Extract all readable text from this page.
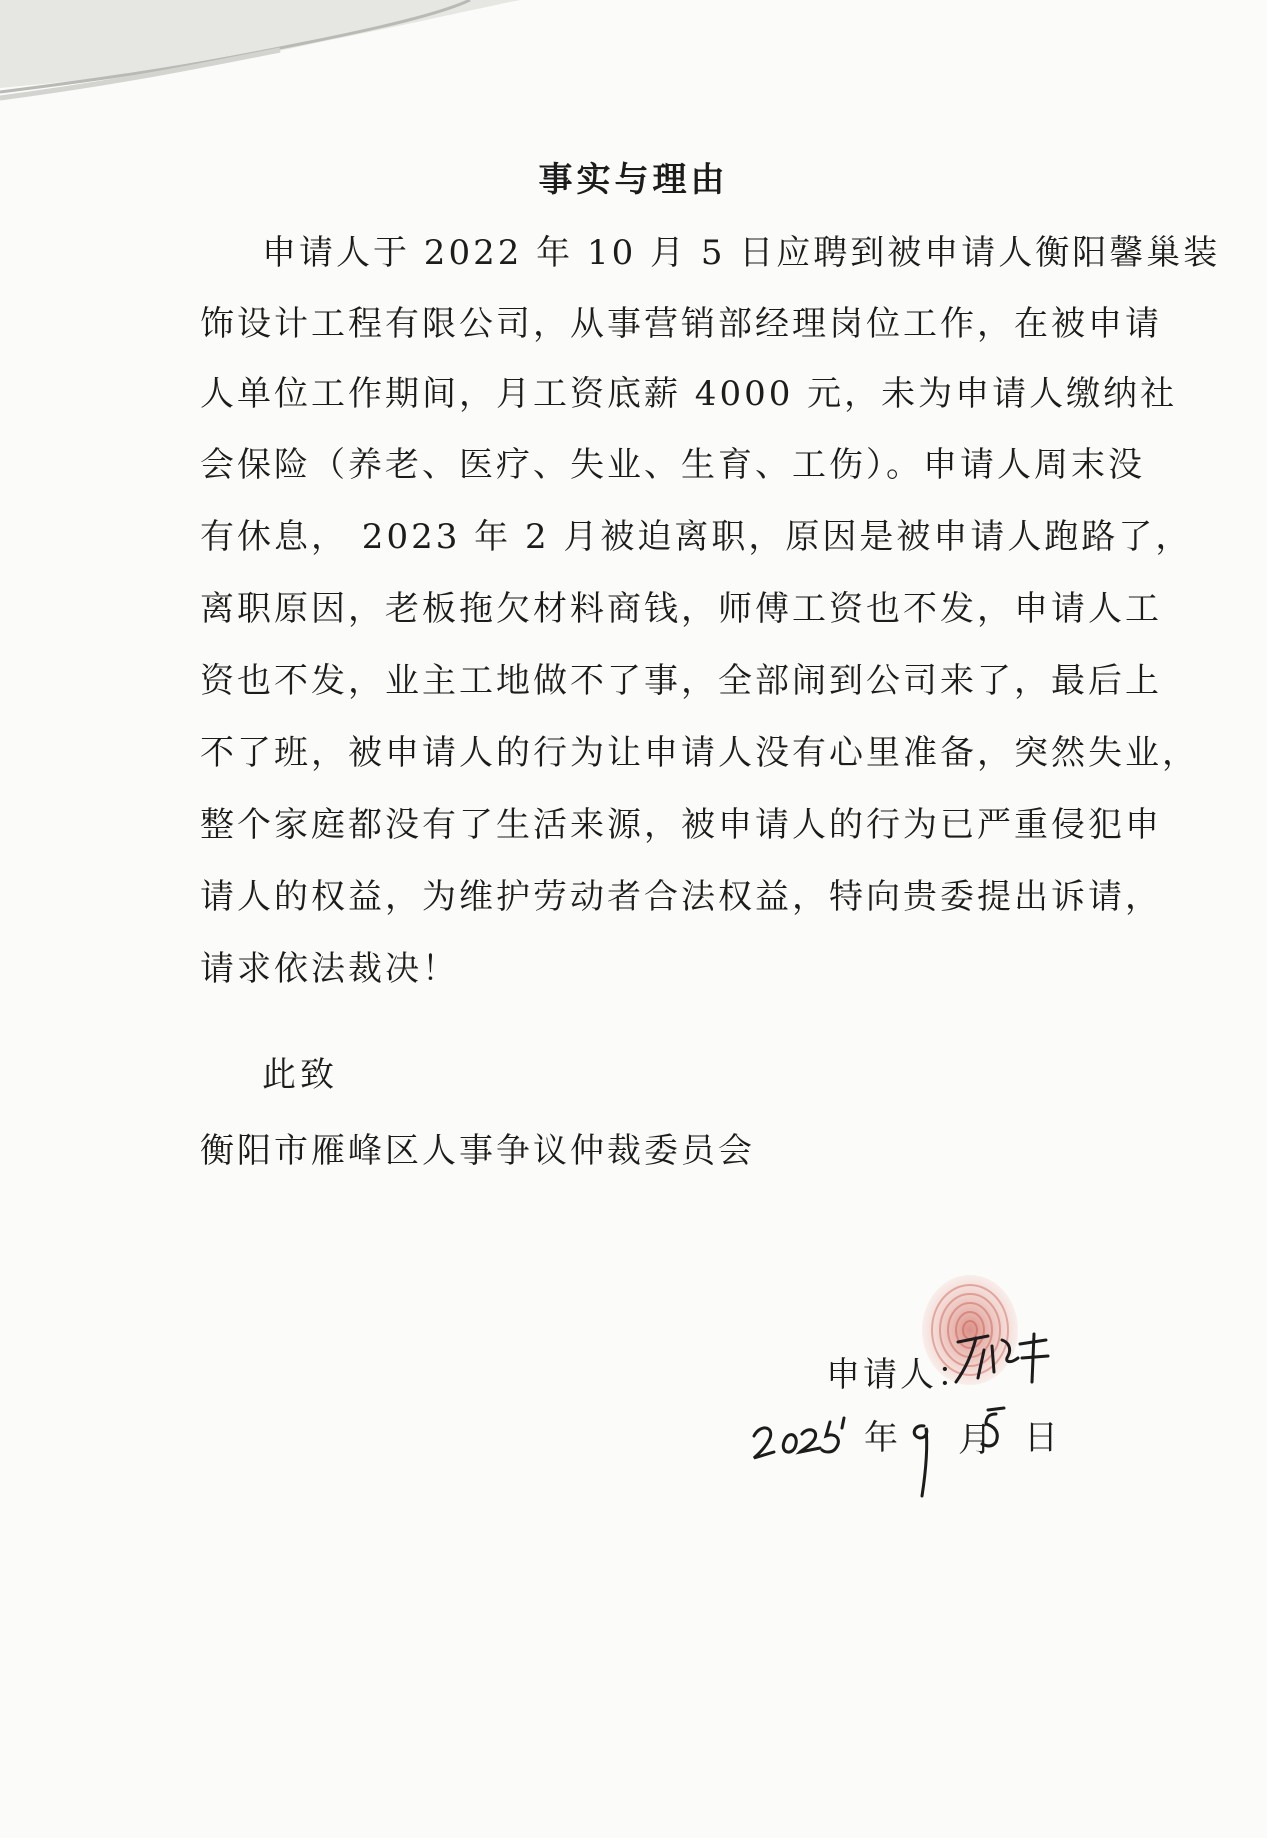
事实与理由
申请人于 2022 年 10 月 5 日应聘到被申请人衡阳馨巢装
饰设计工程有限公司，从事营销部经理岗位工作，在被申请
人单位工作期间，月工资底薪 4000 元，未为申请人缴纳社
会保险（养老、医疗、失业、生育、工伤）。申请人周末没
有休息， 2023 年 2 月被迫离职，原因是被申请人跑路了，
离职原因，老板拖欠材料商钱，师傅工资也不发，申请人工
资也不发，业主工地做不了事，全部闹到公司来了，最后上
不了班，被申请人的行为让申请人没有心里准备，突然失业，
整个家庭都没有了生活来源，被申请人的行为已严重侵犯申
请人的权益，为维护劳动者合法权益，特向贵委提出诉请，
请求依法裁决！
此致
衡阳市雁峰区人事争议仲裁委员会
申请人：
年 月 日
